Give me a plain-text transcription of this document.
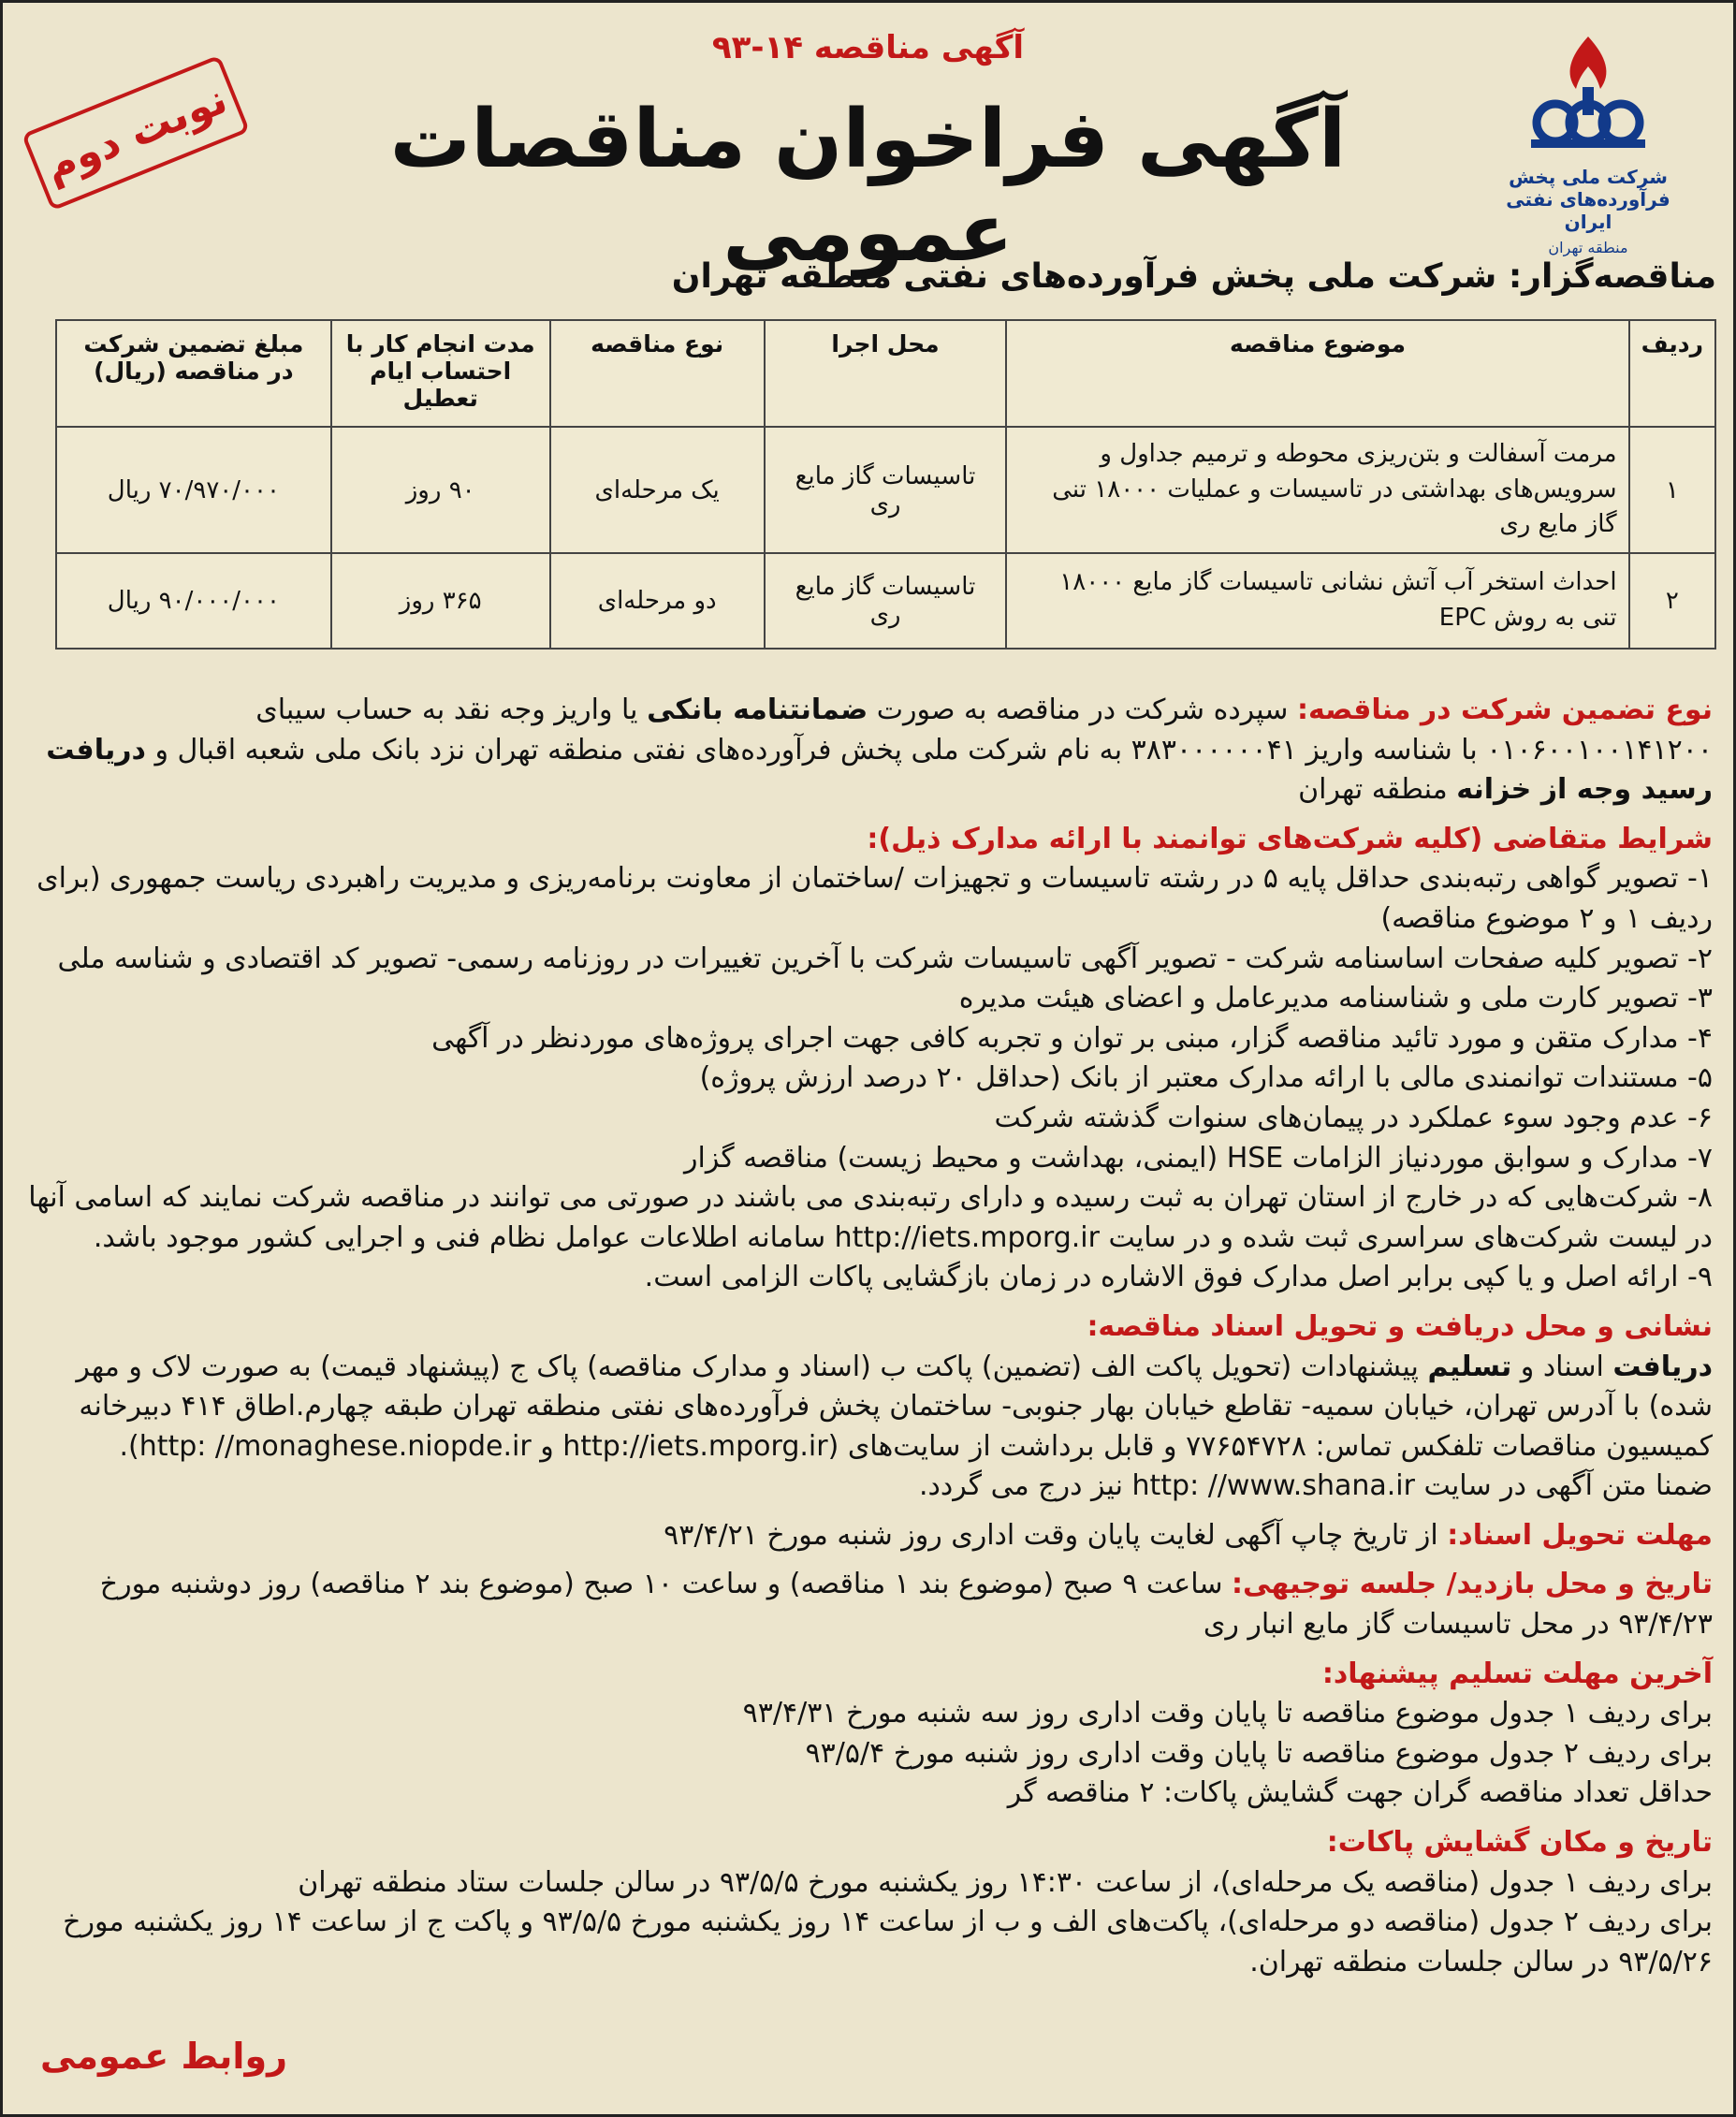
آگهی مناقصه ۱۴-۹۳
نوبت دوم	شرکت ملی پخش فرآورده‌های نفتی ایران
منطقه تهران
آگهی فراخوان مناقصات عمومی
مناقصه‌گزار: شرکت ملی پخش فرآورده‌های نفتی منطقه تهران
ردیف	موضوع مناقصه	محل اجرا	نوع مناقصه	مدت انجام کار با احتساب ایام تعطیل	مبلغ تضمین شرکت در مناقصه (ریال)
۱	مرمت آسفالت و بتن‌ریزی محوطه و ترمیم جداول و سرویس‌های بهداشتی در تاسیسات و عملیات ۱۸۰۰۰ تنی گاز مایع ری	تاسیسات گاز مایع ری	یک مرحله‌ای	۹۰ روز	۷۰/۹۷۰/۰۰۰ ریال
۲	احداث استخر آب آتش نشانی تاسیسات گاز مایع ۱۸۰۰۰ تنی به روش EPC	تاسیسات گاز مایع ری	دو مرحله‌ای	۳۶۵ روز	۹۰/۰۰۰/۰۰۰ ریال

نوع تضمین شرکت در مناقصه: سپرده شرکت در مناقصه به صورت ضمانتنامه بانکی یا واریز وجه نقد به حساب سیبای ۰۱۰۶۰۰۱۰۰۱۴۱۲۰۰ با شناسه واریز ۳۸۳۰۰۰۰۰۰۴۱ به نام شرکت ملی پخش فرآورده‌های نفتی منطقه تهران نزد بانک ملی شعبه اقبال و دریافت رسید وجه از خزانه منطقه تهران

شرایط متقاضی (کلیه شرکت‌های توانمند با ارائه مدارک ذیل):

۱- تصویر گواهی رتبه‌بندی حداقل پایه ۵ در رشته تاسیسات و تجهیزات /ساختمان از معاونت برنامه‌ریزی و مدیریت راهبردی ریاست جمهوری (برای ردیف ۱ و ۲ موضوع مناقصه)

۲- تصویر کلیه صفحات اساسنامه شرکت - تصویر آگهی تاسیسات شرکت با آخرین تغییرات در روزنامه رسمی- تصویر کد اقتصادی و شناسه ملی

۳- تصویر کارت ملی و شناسنامه مدیرعامل و اعضای هیئت مدیره

۴- مدارک متقن و مورد تائید مناقصه گزار، مبنی بر توان و تجربه کافی جهت اجرای پروژه‌های موردنظر در آگهی

۵- مستندات توانمندی مالی با ارائه مدارک معتبر از بانک (حداقل ۲۰ درصد ارزش پروژه)

۶- عدم وجود سوء عملکرد در پیمان‌های سنوات گذشته شرکت

۷- مدارک و سوابق موردنیاز الزامات HSE (ایمنی، بهداشت و محیط زیست) مناقصه گزار

۸- شرکت‌هایی که در خارج از استان تهران به ثبت رسیده و دارای رتبه‌بندی می باشند در صورتی می توانند در مناقصه شرکت نمایند که اسامی آنها در لیست شرکت‌های سراسری ثبت شده و در سایت http://iets.mporg.ir سامانه اطلاعات عوامل نظام فنی و اجرایی کشور موجود باشد.

۹- ارائه اصل و یا کپی برابر اصل مدارک فوق الاشاره در زمان بازگشایی پاکات الزامی است.

نشانی و محل دریافت و تحویل اسناد مناقصه:

دریافت اسناد و تسلیم پیشنهادات (تحویل پاکت الف (تضمین) پاکت ب (اسناد و مدارک مناقصه) پاک ج (پیشنهاد قیمت) به صورت لاک و مهر شده) با آدرس تهران، خیابان سمیه- تقاطع خیابان بهار جنوبی- ساختمان پخش فرآورده‌های نفتی منطقه تهران طبقه چهارم.اطاق ۴۱۴ دبیرخانه کمیسیون مناقصات تلفکس تماس: ۷۷۶۵۴۷۲۸ و قابل برداشت از سایت‌های (http://iets.mporg.ir و http: //monaghese.niopde.ir).

ضمنا متن آگهی در سایت http: //www.shana.ir نیز درج می گردد.

مهلت تحویل اسناد: از تاریخ چاپ آگهی لغایت پایان وقت اداری روز شنبه مورخ ۹۳/۴/۲۱

تاریخ و محل بازدید/ جلسه توجیهی: ساعت ۹ صبح (موضوع بند ۱ مناقصه) و ساعت ۱۰ صبح (موضوع بند ۲ مناقصه) روز دوشنبه مورخ ۹۳/۴/۲۳ در محل تاسیسات گاز مایع انبار ری

آخرین مهلت تسلیم پیشنهاد:

برای ردیف ۱ جدول موضوع مناقصه تا پایان وقت اداری روز سه شنبه مورخ ۹۳/۴/۳۱

برای ردیف ۲ جدول موضوع مناقصه تا پایان وقت اداری روز شنبه مورخ ۹۳/۵/۴

حداقل تعداد مناقصه گران جهت گشایش پاکات: ۲ مناقصه گر

تاریخ و مکان گشایش پاکات:

برای ردیف ۱ جدول (مناقصه یک مرحله‌ای)، از ساعت ۱۴:۳۰ روز یکشنبه مورخ ۹۳/۵/۵ در سالن جلسات ستاد منطقه تهران

برای ردیف ۲ جدول (مناقصه دو مرحله‌ای)، پاکت‌های الف و ب از ساعت ۱۴ روز یکشنبه مورخ ۹۳/۵/۵ و پاکت ج از ساعت ۱۴ روز یکشنبه مورخ ۹۳/۵/۲۶ در سالن جلسات منطقه تهران.

روابط عمومی
